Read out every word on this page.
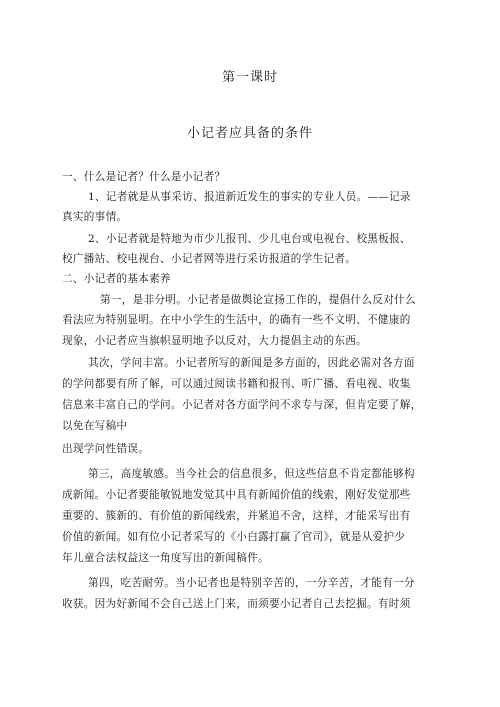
第一课时
小记者应具备的条件
一、什么是记者？什么是小记者？
1、记者就是从事采访、报道新近发生的事实的专业人员。——记录
真实的事情。
2、小记者就是特地为市少儿报刊、少儿电台或电视台、校黑板报、
校广播站、校电视台、小记者网等进行采访报道的学生记者。
二、小记者的基本素养
第一，是非分明。小记者是做舆论宣扬工作的，提倡什么反对什么
看法应为特别显明。在中小学生的生活中，的确有一些不文明、不健康的
现象，小记者应当旗帜显明地予以反对，大力提倡主动的东西。
其次，学问丰富。小记者所写的新闻是多方面的，因此必需对各方面
的学问都要有所了解，可以通过阅读书籍和报刊、听广播、看电视、收集
信息来丰富自己的学问。小记者对各方面学问不求专与深，但肯定要了解，
以免在写稿中
出现学问性错误。
第三，高度敏感。当今社会的信息很多，但这些信息不肯定都能够构
成新闻。小记者要能敏锐地发觉其中具有新闻价值的线索，刚好发觉那些
重要的、簇新的、有价值的新闻线索，并紧追不舍，这样，才能采写出有
价值的新闻。如有位小记者采写的《小白露打赢了官司》，就是从爱护少
年儿童合法权益这一角度写出的新闻稿件。
第四，吃苦耐劳。当小记者也是特别辛苦的，一分辛苦，才能有一分
收获。因为好新闻不会自己送上门来，而须要小记者自己去挖掘。有时须
